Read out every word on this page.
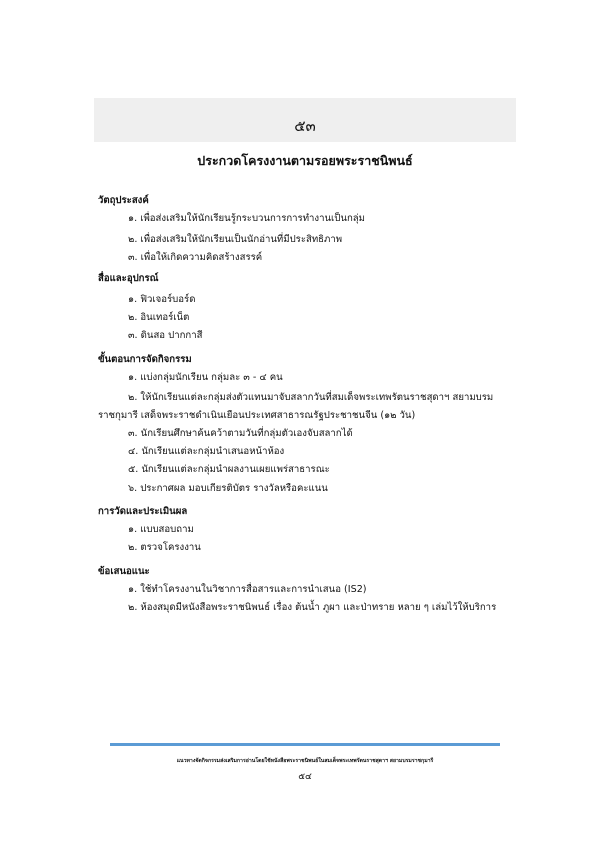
๕๓
ประกวดโครงงานตามรอยพระราชนิพนธ์
วัตถุประสงค์
๑. เพื่อส่งเสริมให้นักเรียนรู้กระบวนการการทำงานเป็นกลุ่ม
๒. เพื่อส่งเสริมให้นักเรียนเป็นนักอ่านที่มีประสิทธิภาพ
๓. เพื่อให้เกิดความคิดสร้างสรรค์
สื่อและอุปกรณ์
๑. ฟิวเจอร์บอร์ด
๒. อินเทอร์เน็ต
๓. ดินสอ ปากกาสี
ขั้นตอนการจัดกิจกรรม
๑. แบ่งกลุ่มนักเรียน กลุ่มละ ๓ - ๔ คน
๒. ให้นักเรียนแต่ละกลุ่มส่งตัวแทนมาจับสลากวันที่สมเด็จพระเทพรัตนราชสุดาฯ สยามบรม
ราชกุมารี เสด็จพระราชดำเนินเยือนประเทศสาธารณรัฐประชาชนจีน (๑๒ วัน)
๓. นักเรียนศึกษาค้นคว้าตามวันที่กลุ่มตัวเองจับสลากได้
๔. นักเรียนแต่ละกลุ่มนำเสนอหน้าห้อง
๕. นักเรียนแต่ละกลุ่มนำผลงานเผยแพร่สาธารณะ
๖. ประกาศผล มอบเกียรติบัตร รางวัลหรือคะแนน
การวัดและประเมินผล
๑. แบบสอบถาม
๒. ตรวจโครงงาน
ข้อเสนอแนะ
๑. ใช้ทำโครงงานในวิชาการสื่อสารและการนำเสนอ (IS2)
๒. ห้องสมุดมีหนังสือพระราชนิพนธ์ เรื่อง ต้นน้ำ ภูผา และป่าทราย หลาย ๆ เล่มไว้ให้บริการ
แนวทางจัดกิจกรรมส่งเสริมการอ่านโดยใช้หนังสือพระราชนิพนธ์ในสมเด็จพระเทพรัตนราชสุดาฯ สยามบรมราชกุมารี
๕๔
